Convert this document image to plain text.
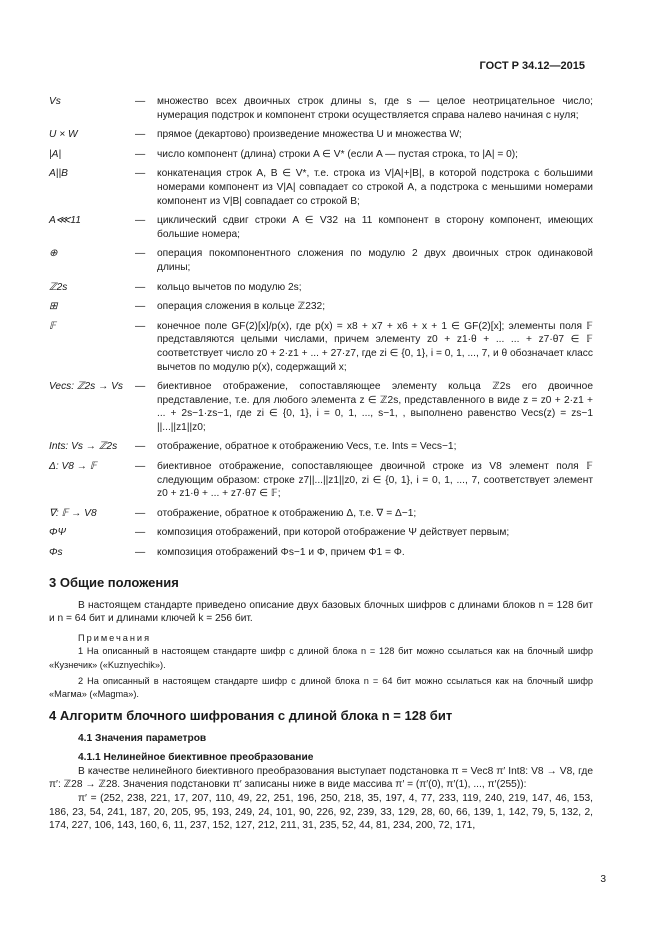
ГОСТ Р 34.12—2015
Vs	—	множество всех двоичных строк длины s, где s — целое неотрицательное число; нумерация подстрок и компонент строки осуществляется справа налево начиная с нуля;
U × W	—	прямое (декартово) произведение множества U и множества W;
|A|	—	число компонент (длина) строки A ∈ V* (если A — пустая строка, то |A| = 0);
A||B	—	конкатенация строк A, B ∈ V*, т.е. строка из V|A|+|B|, в которой подстрока с большими номерами компонент из V|A| совпадает со строкой A, а подстрока с меньшими номерами компонент из V|B| совпадает со строкой B;
A⋘11	—	циклический сдвиг строки A ∈ V32 на 11 компонент в сторону компонент, имеющих большие номера;
⊕	—	операция покомпонентного сложения по модулю 2 двух двоичных строк одинаковой длины;
ℤ2s	—	кольцо вычетов по модулю 2s;
⊞	—	операция сложения в кольце ℤ232;
𝔽	—	конечное поле GF(2)[x]/p(x), где p(x) = x8 + x7 + x6 + x + 1 ∈ GF(2)[x]; элементы поля 𝔽 представляются целыми числами, причем элементу z0 + z1·θ + ... ... + z7·θ7 ∈ 𝔽 соответствует число z0 + 2·z1 + ... + 27·z7, где zi ∈ {0, 1}, i = 0, 1, ..., 7, и θ обозначает класс вычетов по модулю p(x), содержащий x;
Vecs: ℤ2s → Vs	—	биективное отображение, сопоставляющее элементу кольца ℤ2s его двоичное представление, т.е. для любого элемента z ∈ ℤ2s, представленного в виде z = z0 + 2·z1 + ... + 2s−1·zs−1, где zi ∈ {0, 1}, i = 0, 1, ..., s−1, , выполнено равенство Vecs(z) = zs−1 ||...||z1||z0;
Ints: Vs → ℤ2s	—	отображение, обратное к отображению Vecs, т.е. Ints = Vecs−1;
Δ: V8 → 𝔽	—	биективное отображение, сопоставляющее двоичной строке из V8 элемент поля 𝔽 следующим образом: строке z7||...||z1||z0, zi ∈ {0, 1}, i = 0, 1, ..., 7, соответствует элемент z0 + z1·θ + ... + z7·θ7 ∈ 𝔽;
∇: 𝔽 → V8	—	отображение, обратное к отображению Δ, т.е. ∇ = Δ−1;
ΦΨ	—	композиция отображений, при которой отображение Ψ действует первым;
Φs	—	композиция отображений Φs−1 и Φ, причем Φ1 = Φ.
3 Общие положения
В настоящем стандарте приведено описание двух базовых блочных шифров с длинами блоков n = 128 бит и n = 64 бит и длинами ключей k = 256 бит.
Примечания
1 На описанный в настоящем стандарте шифр с длиной блока n = 128 бит можно ссылаться как на блочный шифр «Кузнечик» («Kuznyechik»).
2 На описанный в настоящем стандарте шифр с длиной блока n = 64 бит можно ссылаться как на блочный шифр «Магма» («Magma»).
4 Алгоритм блочного шифрования с длиной блока n = 128 бит
4.1 Значения параметров
4.1.1 Нелинейное биективное преобразование
В качестве нелинейного биективного преобразования выступает подстановка π = Vec8 π′ Int8: V8 → V8, где π′: ℤ28 → ℤ28. Значения подстановки π′ записаны ниже в виде массива π′ = (π′(0), π′(1), ..., π′(255)):
π′ = (252, 238, 221, 17, 207, 110, 49, 22, 251, 196, 250, 218, 35, 197, 4, 77, 233, 119, 240, 219, 147, 46, 153, 186, 23, 54, 241, 187, 20, 205, 95, 193, 249, 24, 101, 90, 226, 92, 239, 33, 129, 28, 60, 66, 139, 1, 142, 79, 5, 132, 2, 174, 227, 106, 143, 160, 6, 11, 237, 152, 127, 212, 211, 31, 235, 52, 44, 81, 234, 200, 72, 171,
3
